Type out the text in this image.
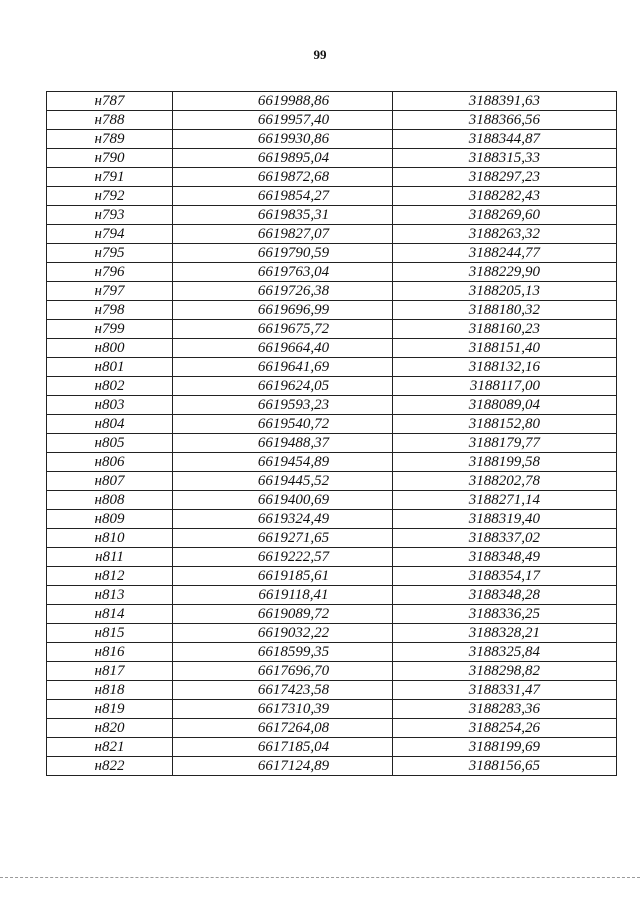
99
н787	6619988,86	3188391,63
н788	6619957,40	3188366,56
н789	6619930,86	3188344,87
н790	6619895,04	3188315,33
н791	6619872,68	3188297,23
н792	6619854,27	3188282,43
н793	6619835,31	3188269,60
н794	6619827,07	3188263,32
н795	6619790,59	3188244,77
н796	6619763,04	3188229,90
н797	6619726,38	3188205,13
н798	6619696,99	3188180,32
н799	6619675,72	3188160,23
н800	6619664,40	3188151,40
н801	6619641,69	3188132,16
н802	6619624,05	3188117,00
н803	6619593,23	3188089,04
н804	6619540,72	3188152,80
н805	6619488,37	3188179,77
н806	6619454,89	3188199,58
н807	6619445,52	3188202,78
н808	6619400,69	3188271,14
н809	6619324,49	3188319,40
н810	6619271,65	3188337,02
н811	6619222,57	3188348,49
н812	6619185,61	3188354,17
н813	6619118,41	3188348,28
н814	6619089,72	3188336,25
н815	6619032,22	3188328,21
н816	6618599,35	3188325,84
н817	6617696,70	3188298,82
н818	6617423,58	3188331,47
н819	6617310,39	3188283,36
н820	6617264,08	3188254,26
н821	6617185,04	3188199,69
н822	6617124,89	3188156,65
